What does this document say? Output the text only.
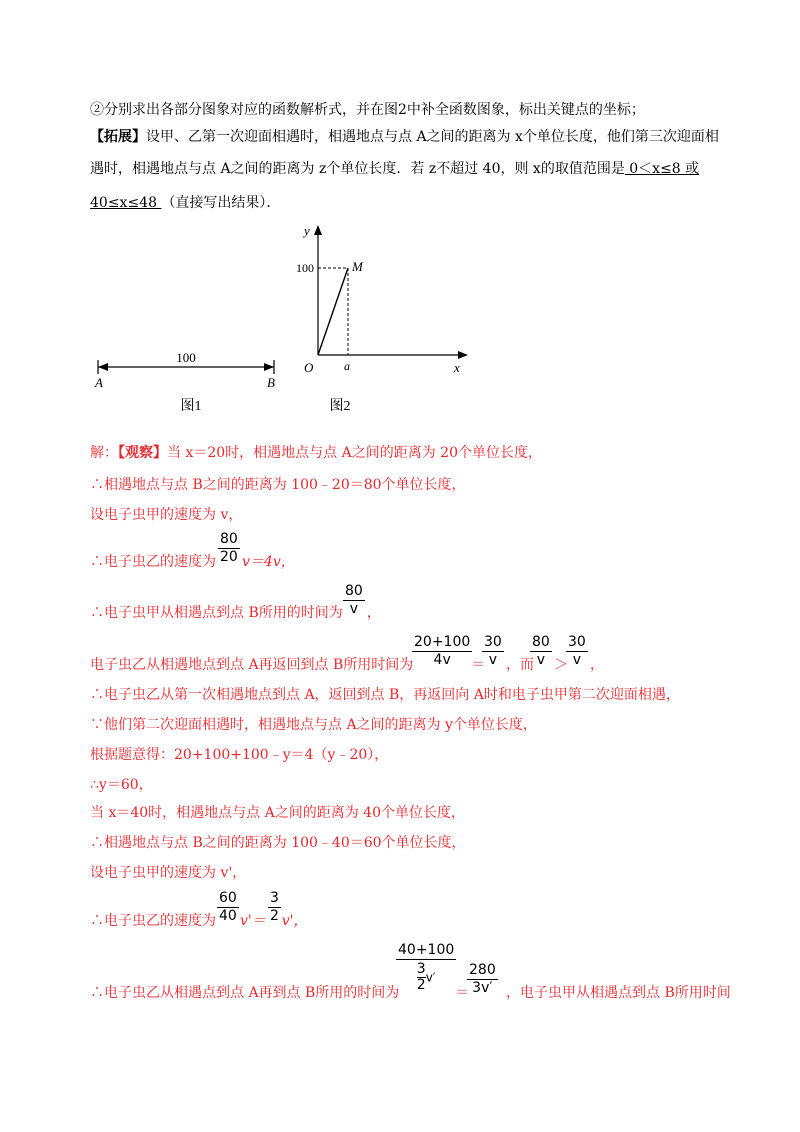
②分别求出各部分图象对应的函数解析式，并在图2中补全函数图象，标出关键点的坐标；
【拓展】设甲、乙第一次迎面相遇时，相遇地点与点 A之间的距离为 x个单位长度，他们第三次迎面相
遇时，相遇地点与点 A之间的距离为 z个单位长度．若 z不超过 40，则 x的取值范围是 0＜x≤8 或
40≤x≤48 （直接写出结果）．
100
A	B
图1
y
x
O
100
a
M
图2
解：【观察】当 x＝20时，相遇地点与点 A之间的距离为 20个单位长度，
∴相遇地点与点 B之间的距离为 100﹣20＝80个单位长度，
设电子虫甲的速度为 v，
∴电子虫乙的速度为 v＝4v，
$\frac{80}{20}$
∴电子虫甲从相遇点到点 B所用的时间为 ，
$\frac{80}{v}$
电子虫乙从相遇地点到点 A再返回到点 B所用时间为
$\frac{20+100}{4v}$
＝
$\frac{30}{v}$ ，而
$\frac{80}{v}$ ＞
$\frac{30}{v}$ ，
∴电子虫乙从第一次相遇地点到点 A，返回到点 B，再返回向 A时和电子虫甲第二次迎面相遇，
∵他们第二次迎面相遇时，相遇地点与点 A之间的距离为 y个单位长度，
根据题意得：20+100+100﹣y＝4（y﹣20），
∴y＝60，
当 x＝40时，相遇地点与点 A之间的距离为 40个单位长度，
∴相遇地点与点 B之间的距离为 100﹣40＝60个单位长度，
设电子虫甲的速度为 v'，
∴电子虫乙的速度为 v'＝ v'，
$\frac{60}{40} \frac{3}{2}$
∴电子虫乙从相遇点到点 A再到点 B所用的时间为
$\frac{40+100}{\frac{3}{2} v'}$
＝
$\frac{280}{3v'}$ ，电子虫甲从相遇点到点 B所用时间
